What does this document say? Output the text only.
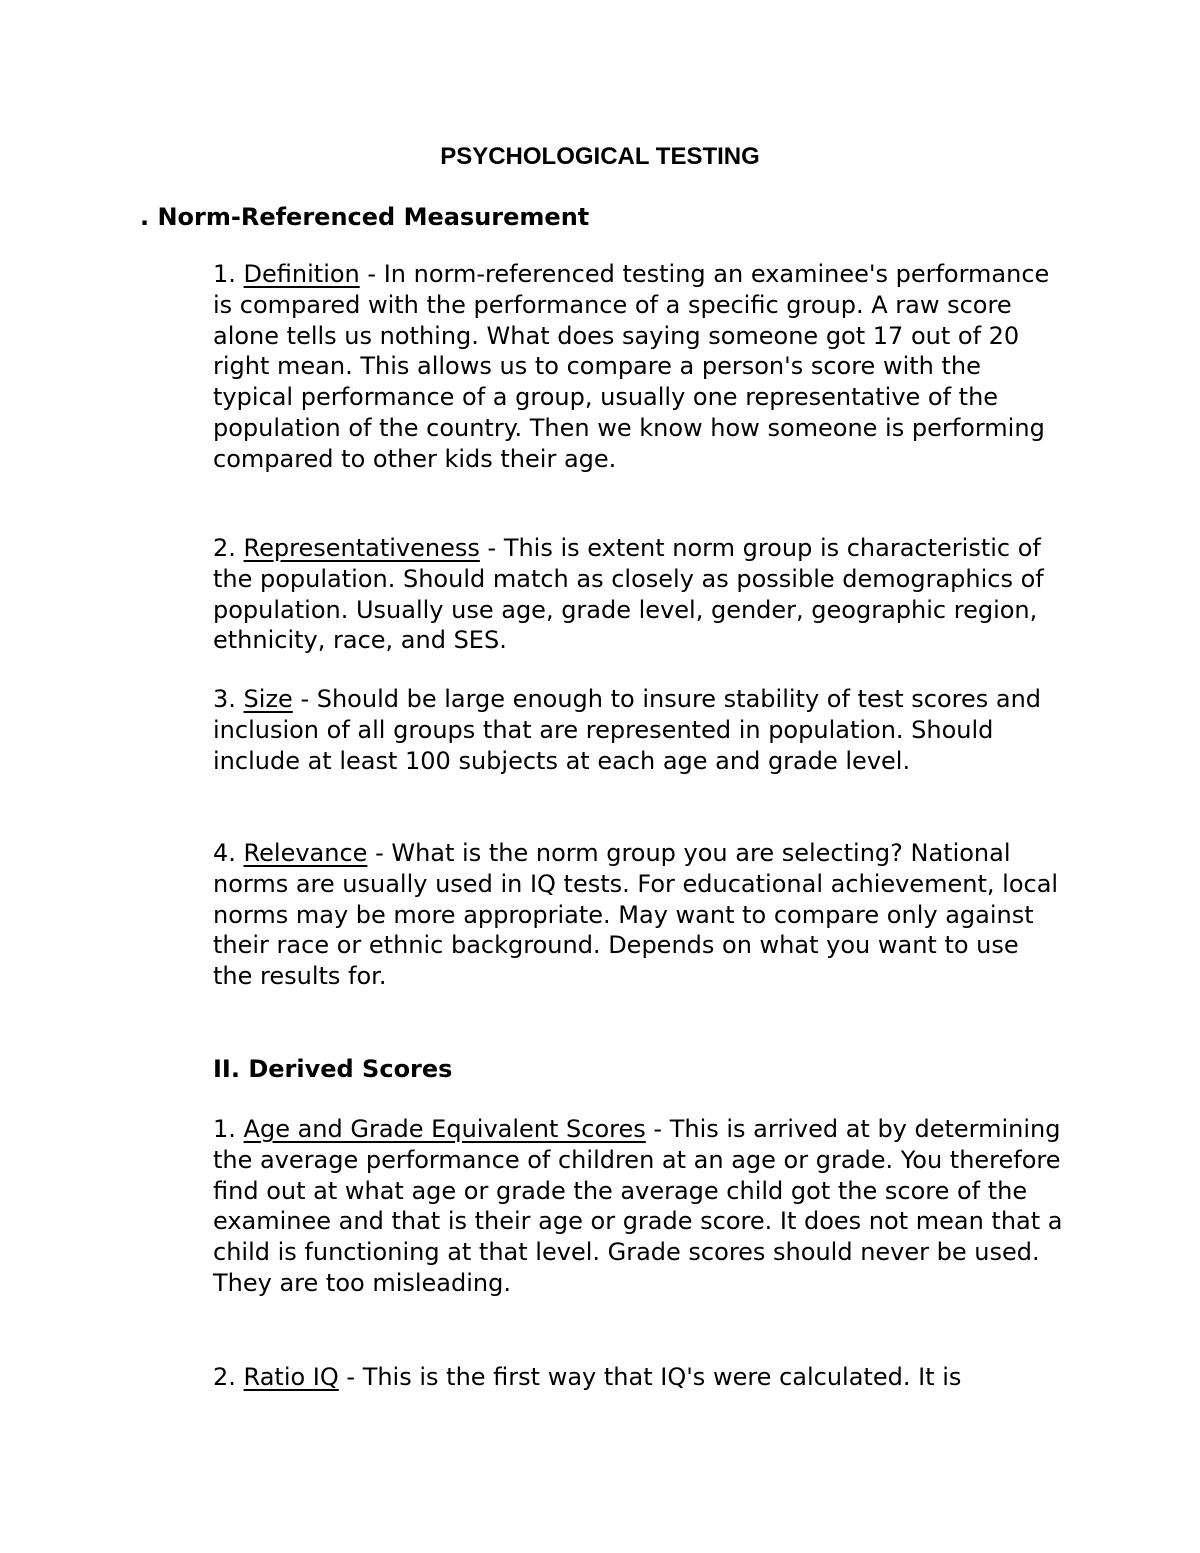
PSYCHOLOGICAL TESTING
. Norm-Referenced Measurement
1. Definition - In norm-referenced testing an examinee's performance is compared with the performance of a specific group. A raw score alone tells us nothing. What does saying someone got 17 out of 20 right mean. This allows us to compare a person's score with the typical performance of a group, usually one representative of the population of the country. Then we know how someone is performing compared to other kids their age.
2. Representativeness - This is extent norm group is characteristic of the population. Should match as closely as possible demographics of population. Usually use age, grade level, gender, geographic region, ethnicity, race, and SES.
3. Size - Should be large enough to insure stability of test scores and inclusion of all groups that are represented in population. Should include at least 100 subjects at each age and grade level.
4. Relevance - What is the norm group you are selecting? National norms are usually used in IQ tests. For educational achievement, local norms may be more appropriate. May want to compare only against their race or ethnic background. Depends on what you want to use the results for.
II. Derived Scores
1. Age and Grade Equivalent Scores - This is arrived at by determining the average performance of children at an age or grade. You therefore find out at what age or grade the average child got the score of the examinee and that is their age or grade score. It does not mean that a child is functioning at that level. Grade scores should never be used. They are too misleading.
2. Ratio IQ - This is the first way that IQ's were calculated. It is
